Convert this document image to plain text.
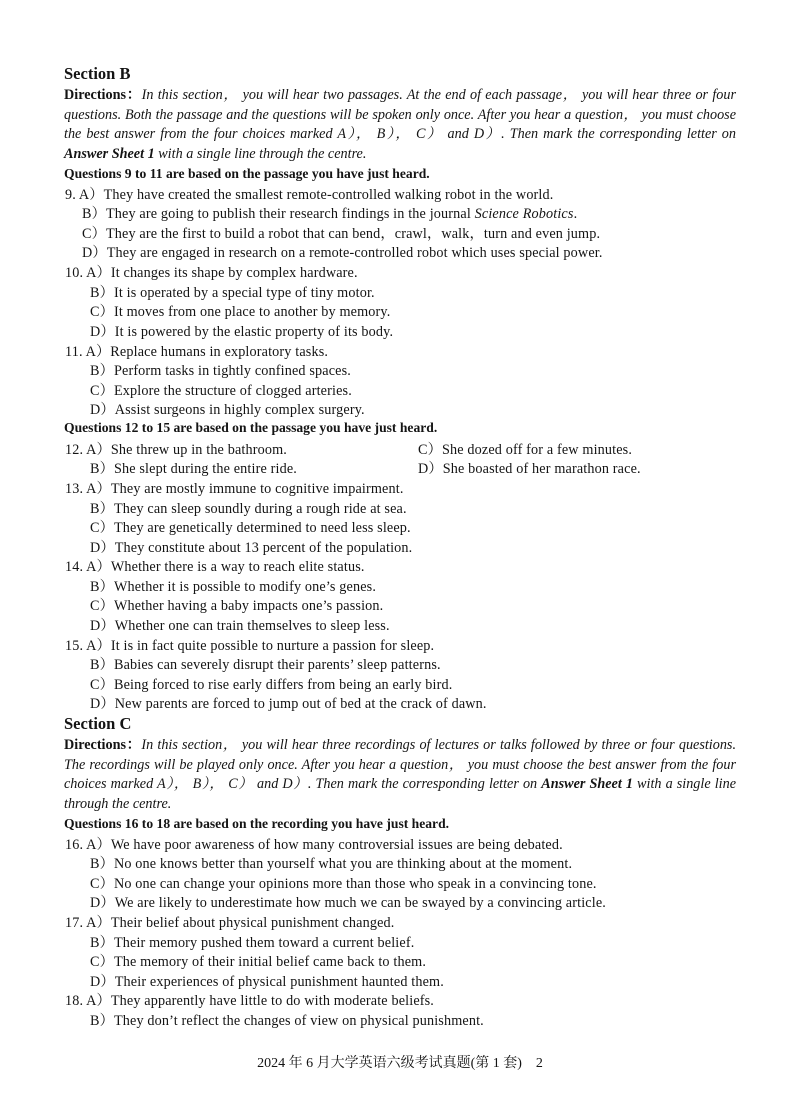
Section B
Directions：In this section， you will hear two passages. At the end of each passage， you will hear three or four questions. Both the passage and the questions will be spoken only once. After you hear a question， you must choose the best answer from the four choices marked A）， B）， C） and D）. Then mark the corresponding letter on Answer Sheet 1 with a single line through the centre.
Questions 9 to 11 are based on the passage you have just heard.
9. A）They have created the smallest remote-controlled walking robot in the world.
B）They are going to publish their research findings in the journal Science Robotics.
C）They are the first to build a robot that can bend，crawl，walk，turn and even jump.
D）They are engaged in research on a remote-controlled robot which uses special power.
10. A）It changes its shape by complex hardware.
B）It is operated by a special type of tiny motor.
C）It moves from one place to another by memory.
D）It is powered by the elastic property of its body.
11. A）Replace humans in exploratory tasks.
B）Perform tasks in tightly confined spaces.
C）Explore the structure of clogged arteries.
D）Assist surgeons in highly complex surgery.
Questions 12 to 15 are based on the passage you have just heard.
12. A）She threw up in the bathroom.	C）She dozed off for a few minutes.
B）She slept during the entire ride.	D）She boasted of her marathon race.
13. A）They are mostly immune to cognitive impairment.
B）They can sleep soundly during a rough ride at sea.
C）They are genetically determined to need less sleep.
D）They constitute about 13 percent of the population.
14. A）Whether there is a way to reach elite status.
B）Whether it is possible to modify one’s genes.
C）Whether having a baby impacts one’s passion.
D）Whether one can train themselves to sleep less.
15. A）It is in fact quite possible to nurture a passion for sleep.
B）Babies can severely disrupt their parents’ sleep patterns.
C）Being forced to rise early differs from being an early bird.
D）New parents are forced to jump out of bed at the crack of dawn.
Section C
Directions：In this section， you will hear three recordings of lectures or talks followed by three or four questions. The recordings will be played only once. After you hear a question， you must choose the best answer from the four choices marked A）， B）， C） and D）. Then mark the corresponding letter on Answer Sheet 1 with a single line through the centre.
Questions 16 to 18 are based on the recording you have just heard.
16. A）We have poor awareness of how many controversial issues are being debated.
B）No one knows better than yourself what you are thinking about at the moment.
C）No one can change your opinions more than those who speak in a convincing tone.
D）We are likely to underestimate how much we can be swayed by a convincing article.
17. A）Their belief about physical punishment changed.
B）Their memory pushed them toward a current belief.
C）The memory of their initial belief came back to them.
D）Their experiences of physical punishment haunted them.
18. A）They apparently have little to do with moderate beliefs.
B）They don’t reflect the changes of view on physical punishment.
2024 年 6 月大学英语六级考试真题(第 1 套)　2
